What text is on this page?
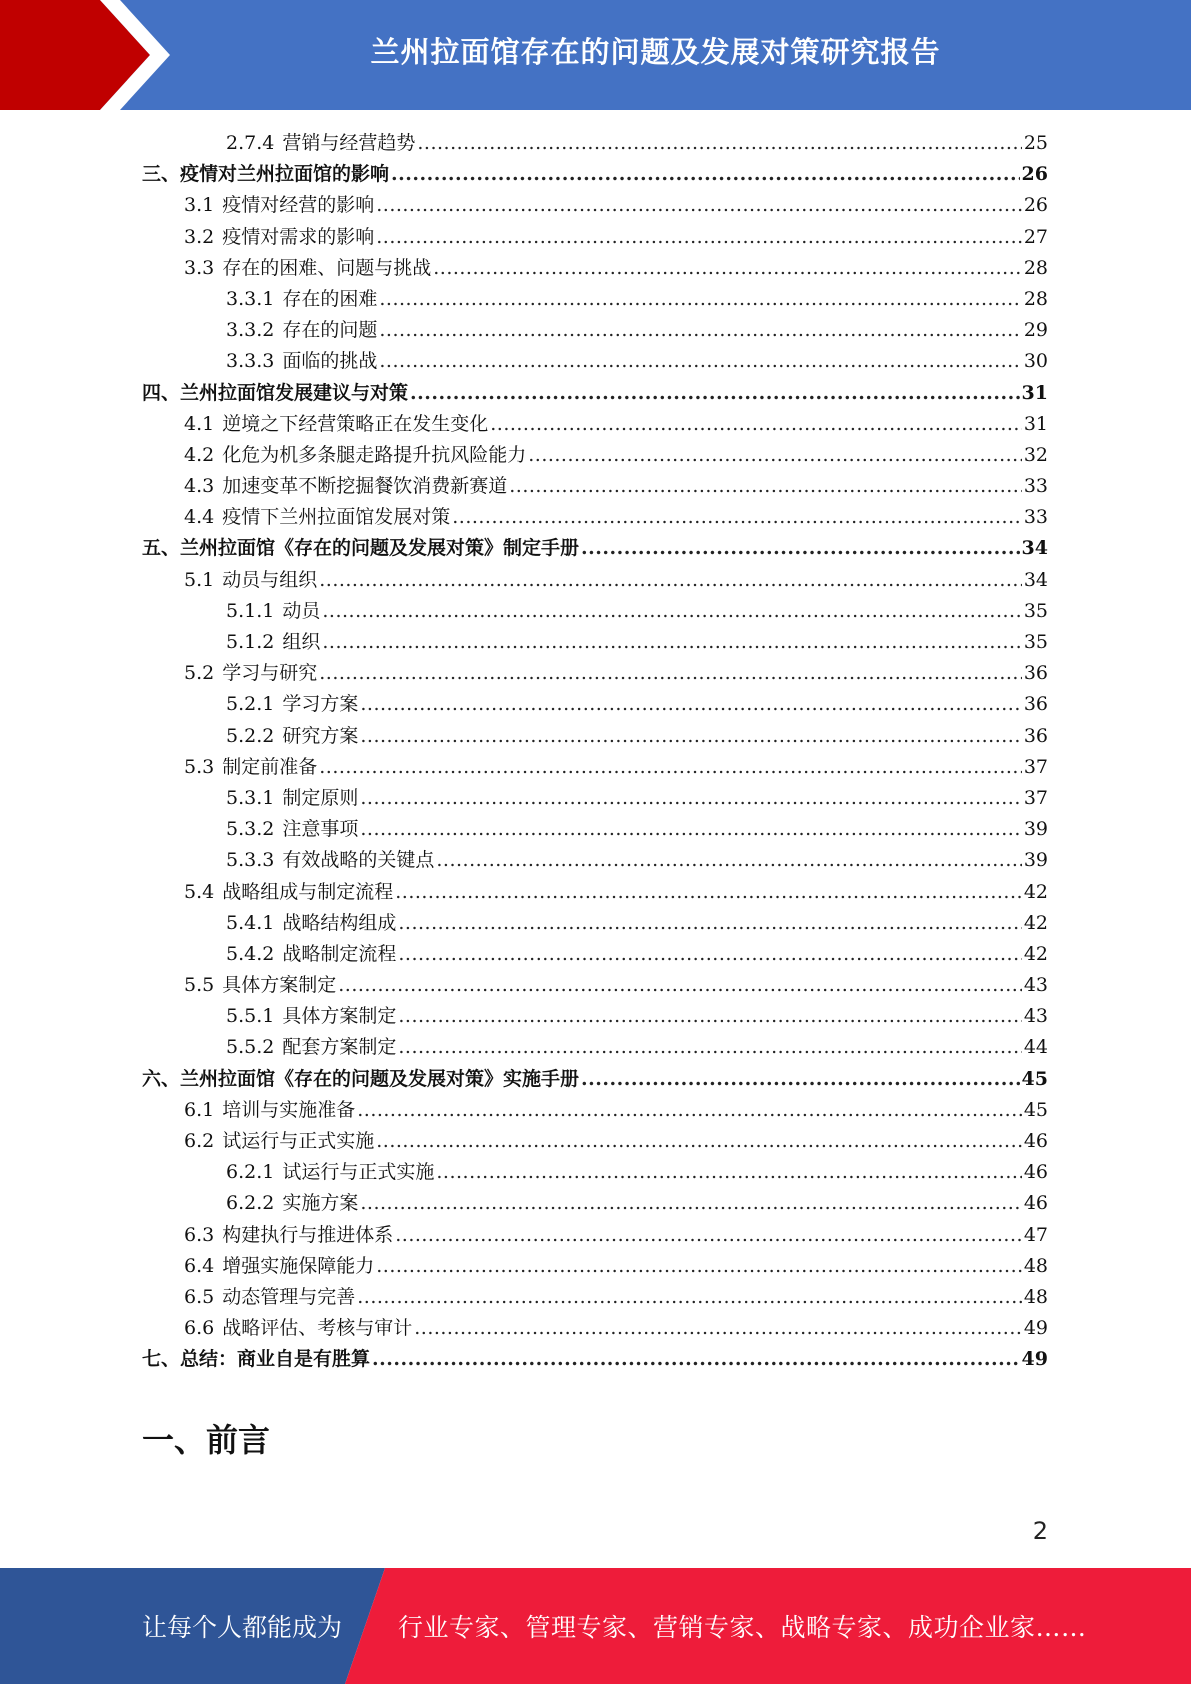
兰州拉面馆存在的问题及发展对策研究报告
2.7.4 营销与经营趋势 .....	25
三、疫情对兰州拉面馆的影响 .....	26
3.1 疫情对经营的影响 .....	26
3.2 疫情对需求的影响 .....	27
3.3 存在的困难、问题与挑战 .....	28
3.3.1 存在的困难 .....	28
3.3.2 存在的问题 .....	29
3.3.3 面临的挑战 .....	30
四、兰州拉面馆发展建议与对策 .....	31
4.1 逆境之下经营策略正在发生变化 .....	31
4.2 化危为机多条腿走路提升抗风险能力 .....	32
4.3 加速变革不断挖掘餐饮消费新赛道 .....	33
4.4 疫情下兰州拉面馆发展对策 .....	33
五、兰州拉面馆《存在的问题及发展对策》制定手册 .....	34
5.1 动员与组织 .....	34
5.1.1 动员 .....	35
5.1.2 组织 .....	35
5.2 学习与研究 .....	36
5.2.1 学习方案 .....	36
5.2.2 研究方案 .....	36
5.3 制定前准备 .....	37
5.3.1 制定原则 .....	37
5.3.2 注意事项 .....	39
5.3.3 有效战略的关键点 .....	39
5.4 战略组成与制定流程 .....	42
5.4.1 战略结构组成 .....	42
5.4.2 战略制定流程 .....	42
5.5 具体方案制定 .....	43
5.5.1 具体方案制定 .....	43
5.5.2 配套方案制定 .....	44
六、兰州拉面馆《存在的问题及发展对策》实施手册 .....	45
6.1 培训与实施准备 .....	45
6.2 试运行与正式实施 .....	46
6.2.1 试运行与正式实施 .....	46
6.2.2 实施方案 .....	46
6.3 构建执行与推进体系 .....	47
6.4 增强实施保障能力 .....	48
6.5 动态管理与完善 .....	48
6.6 战略评估、考核与审计 .....	49
七、总结：商业自是有胜算 .....	49
一、前言
2
让每个人都能成为 行业专家、管理专家、营销专家、战略专家、成功企业家……
